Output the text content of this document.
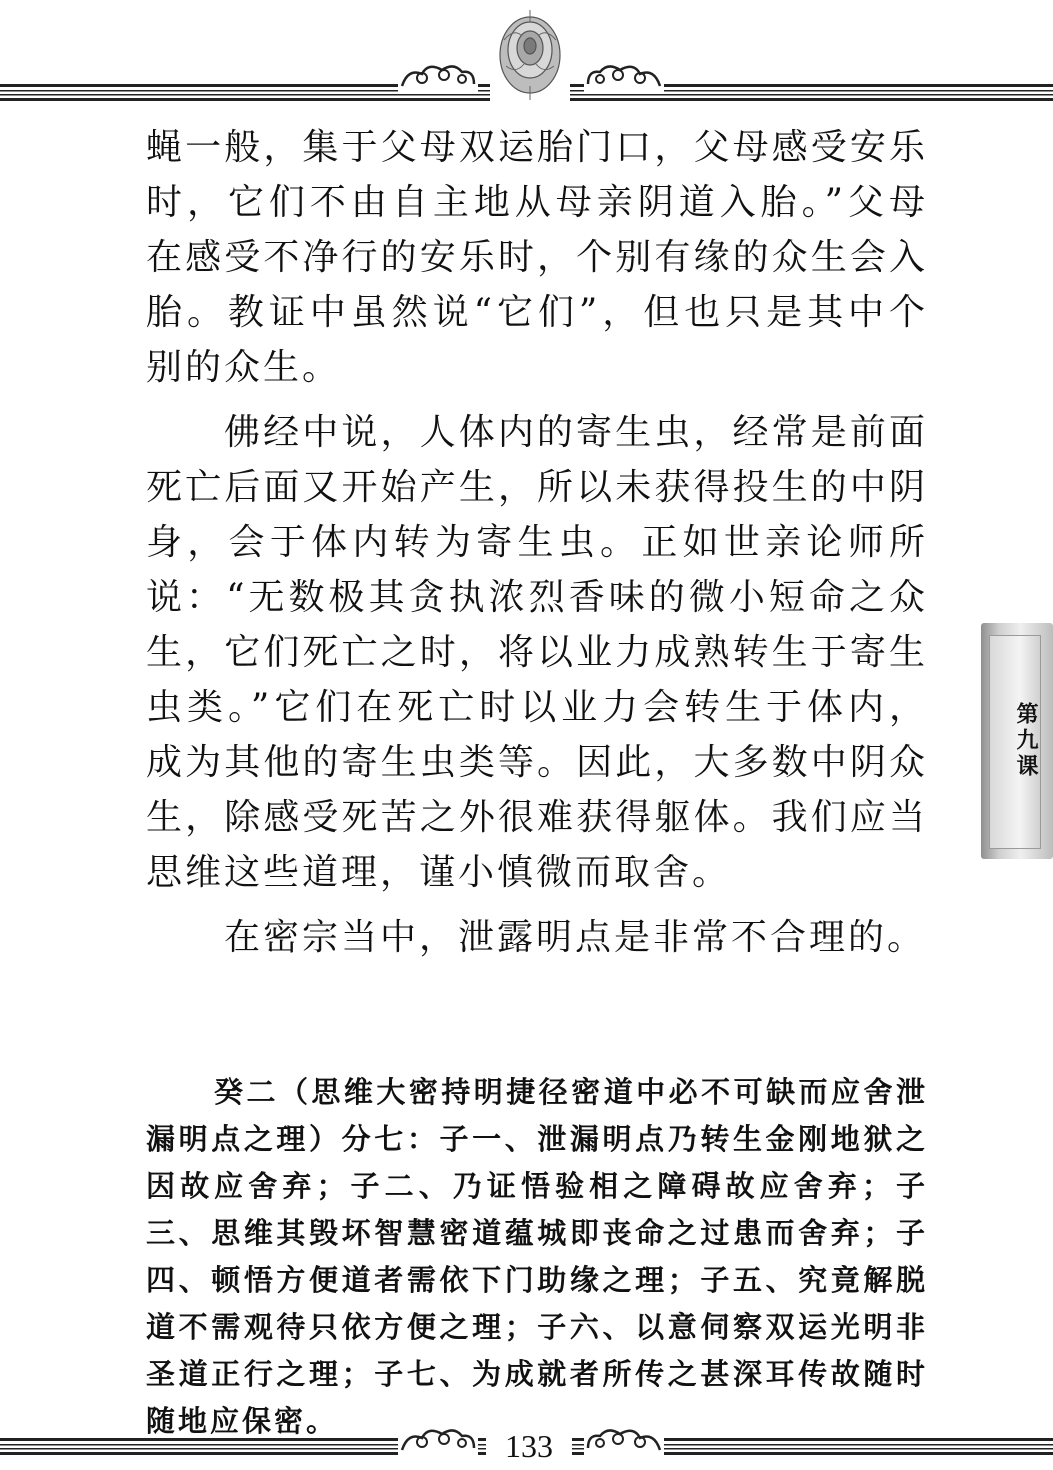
蝇一般，集于父母双运胎门口，父母感受安乐时，它们不由自主地从母亲阴道入胎。”父母在感受不净行的安乐时，个别有缘的众生会入胎。教证中虽然说“它们”，但也只是其中个别的众生。

佛经中说，人体内的寄生虫，经常是前面死亡后面又开始产生，所以未获得投生的中阴身，会于体内转为寄生虫。正如世亲论师所说：“无数极其贪执浓烈香味的微小短命之众生，它们死亡之时，将以业力成熟转生于寄生虫类。”它们在死亡时以业力会转生于体内，成为其他的寄生虫类等。因此，大多数中阴众生，除感受死苦之外很难获得躯体。我们应当思维这些道理，谨小慎微而取舍。

在密宗当中，泄露明点是非常不合理的。

癸二（思维大密持明捷径密道中必不可缺而应舍泄漏明点之理）分七：子一、泄漏明点乃转生金刚地狱之因故应舍弃；子二、乃证悟验相之障碍故应舍弃；子三、思维其毁坏智慧密道蕴城即丧命之过患而舍弃；子四、顿悟方便道者需依下门助缘之理；子五、究竟解脱道不需观待只依方便之理；子六、以意伺察双运光明非圣道正行之理；子七、为成就者所传之甚深耳传故随时随地应保密。

第九课
133
